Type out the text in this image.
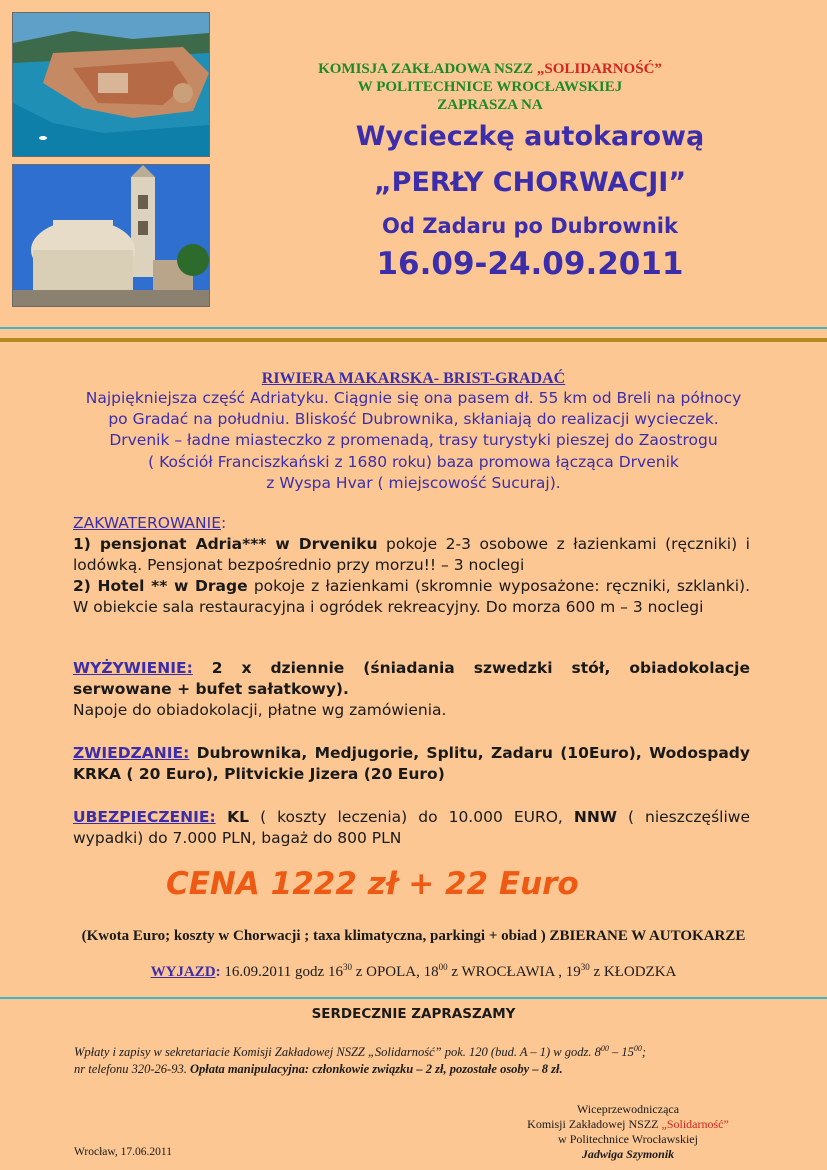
KOMISJA ZAKŁADOWA NSZZ „SOLIDARNOŚĆ”
W POLITECHNICE WROCŁAWSKIEJ
ZAPRASZA NA
Wycieczkę autokarową
„PERŁY CHORWACJI”
Od Zadaru po Dubrownik
16.09-24.09.2011
RIWIERA MAKARSKA- BRIST-GRADAĆ
Najpiękniejsza część Adriatyku. Ciągnie się ona pasem dł. 55 km od Breli na północy
po Gradać na południu. Bliskość Dubrownika, skłaniają do realizacji wycieczek.
Drvenik – ładne miasteczko z promenadą, trasy turystyki pieszej do Zaostrogu
( Kościół Franciszkański z 1680 roku) baza promowa łącząca Drvenik
z Wyspa Hvar ( miejscowość Sucuraj).
ZAKWATEROWANIE:
1) pensjonat Adria*** w Drveniku pokoje 2-3 osobowe z łazienkami (ręczniki) i lodówką. Pensjonat bezpośrednio przy morzu!! – 3 noclegi
2) Hotel ** w Drage pokoje z łazienkami (skromnie wyposażone: ręczniki, szklanki). W obiekcie sala restauracyjna i ogródek rekreacyjny. Do morza 600 m – 3 noclegi
WYŻYWIENIE: 2 x dziennie (śniadania szwedzki stół, obiadokolacje serwowane + bufet sałatkowy).
Napoje do obiadokolacji, płatne wg zamówienia.
ZWIEDZANIE: Dubrownika, Medjugorie, Splitu, Zadaru (10Euro), Wodospady KRKA ( 20 Euro), Plitvickie Jizera (20 Euro)
UBEZPIECZENIE: KL ( koszty leczenia) do 10.000 EURO, NNW ( nieszczęśliwe wypadki) do 7.000 PLN, bagaż do 800 PLN
CENA 1222 zł + 22 Euro
(Kwota Euro; koszty w Chorwacji ; taxa klimatyczna, parkingi + obiad ) ZBIERANE W AUTOKARZE
WYJAZD: 16.09.2011 godz $16^{30}$ z OPOLA, $18^{00}$ z WROCŁAWIA , $19^{30}$ z KŁODZKA
SERDECZNIE ZAPRASZAMY
Wpłaty i zapisy w sekretariacie Komisji Zakładowej NSZZ „Solidarność” pok. 120 (bud. A – 1) w godz. $8^{00} - 15^{00}$;
nr telefonu 320-26-93. Opłata manipulacyjna: członkowie związku – 2 zł, pozostałe osoby – 8 zł.
Wiceprzewodnicząca
Komisji Zakładowej NSZZ „Solidarność”
w Politechnice Wrocławskiej
Jadwiga Szymonik
Wrocław, 17.06.2011
